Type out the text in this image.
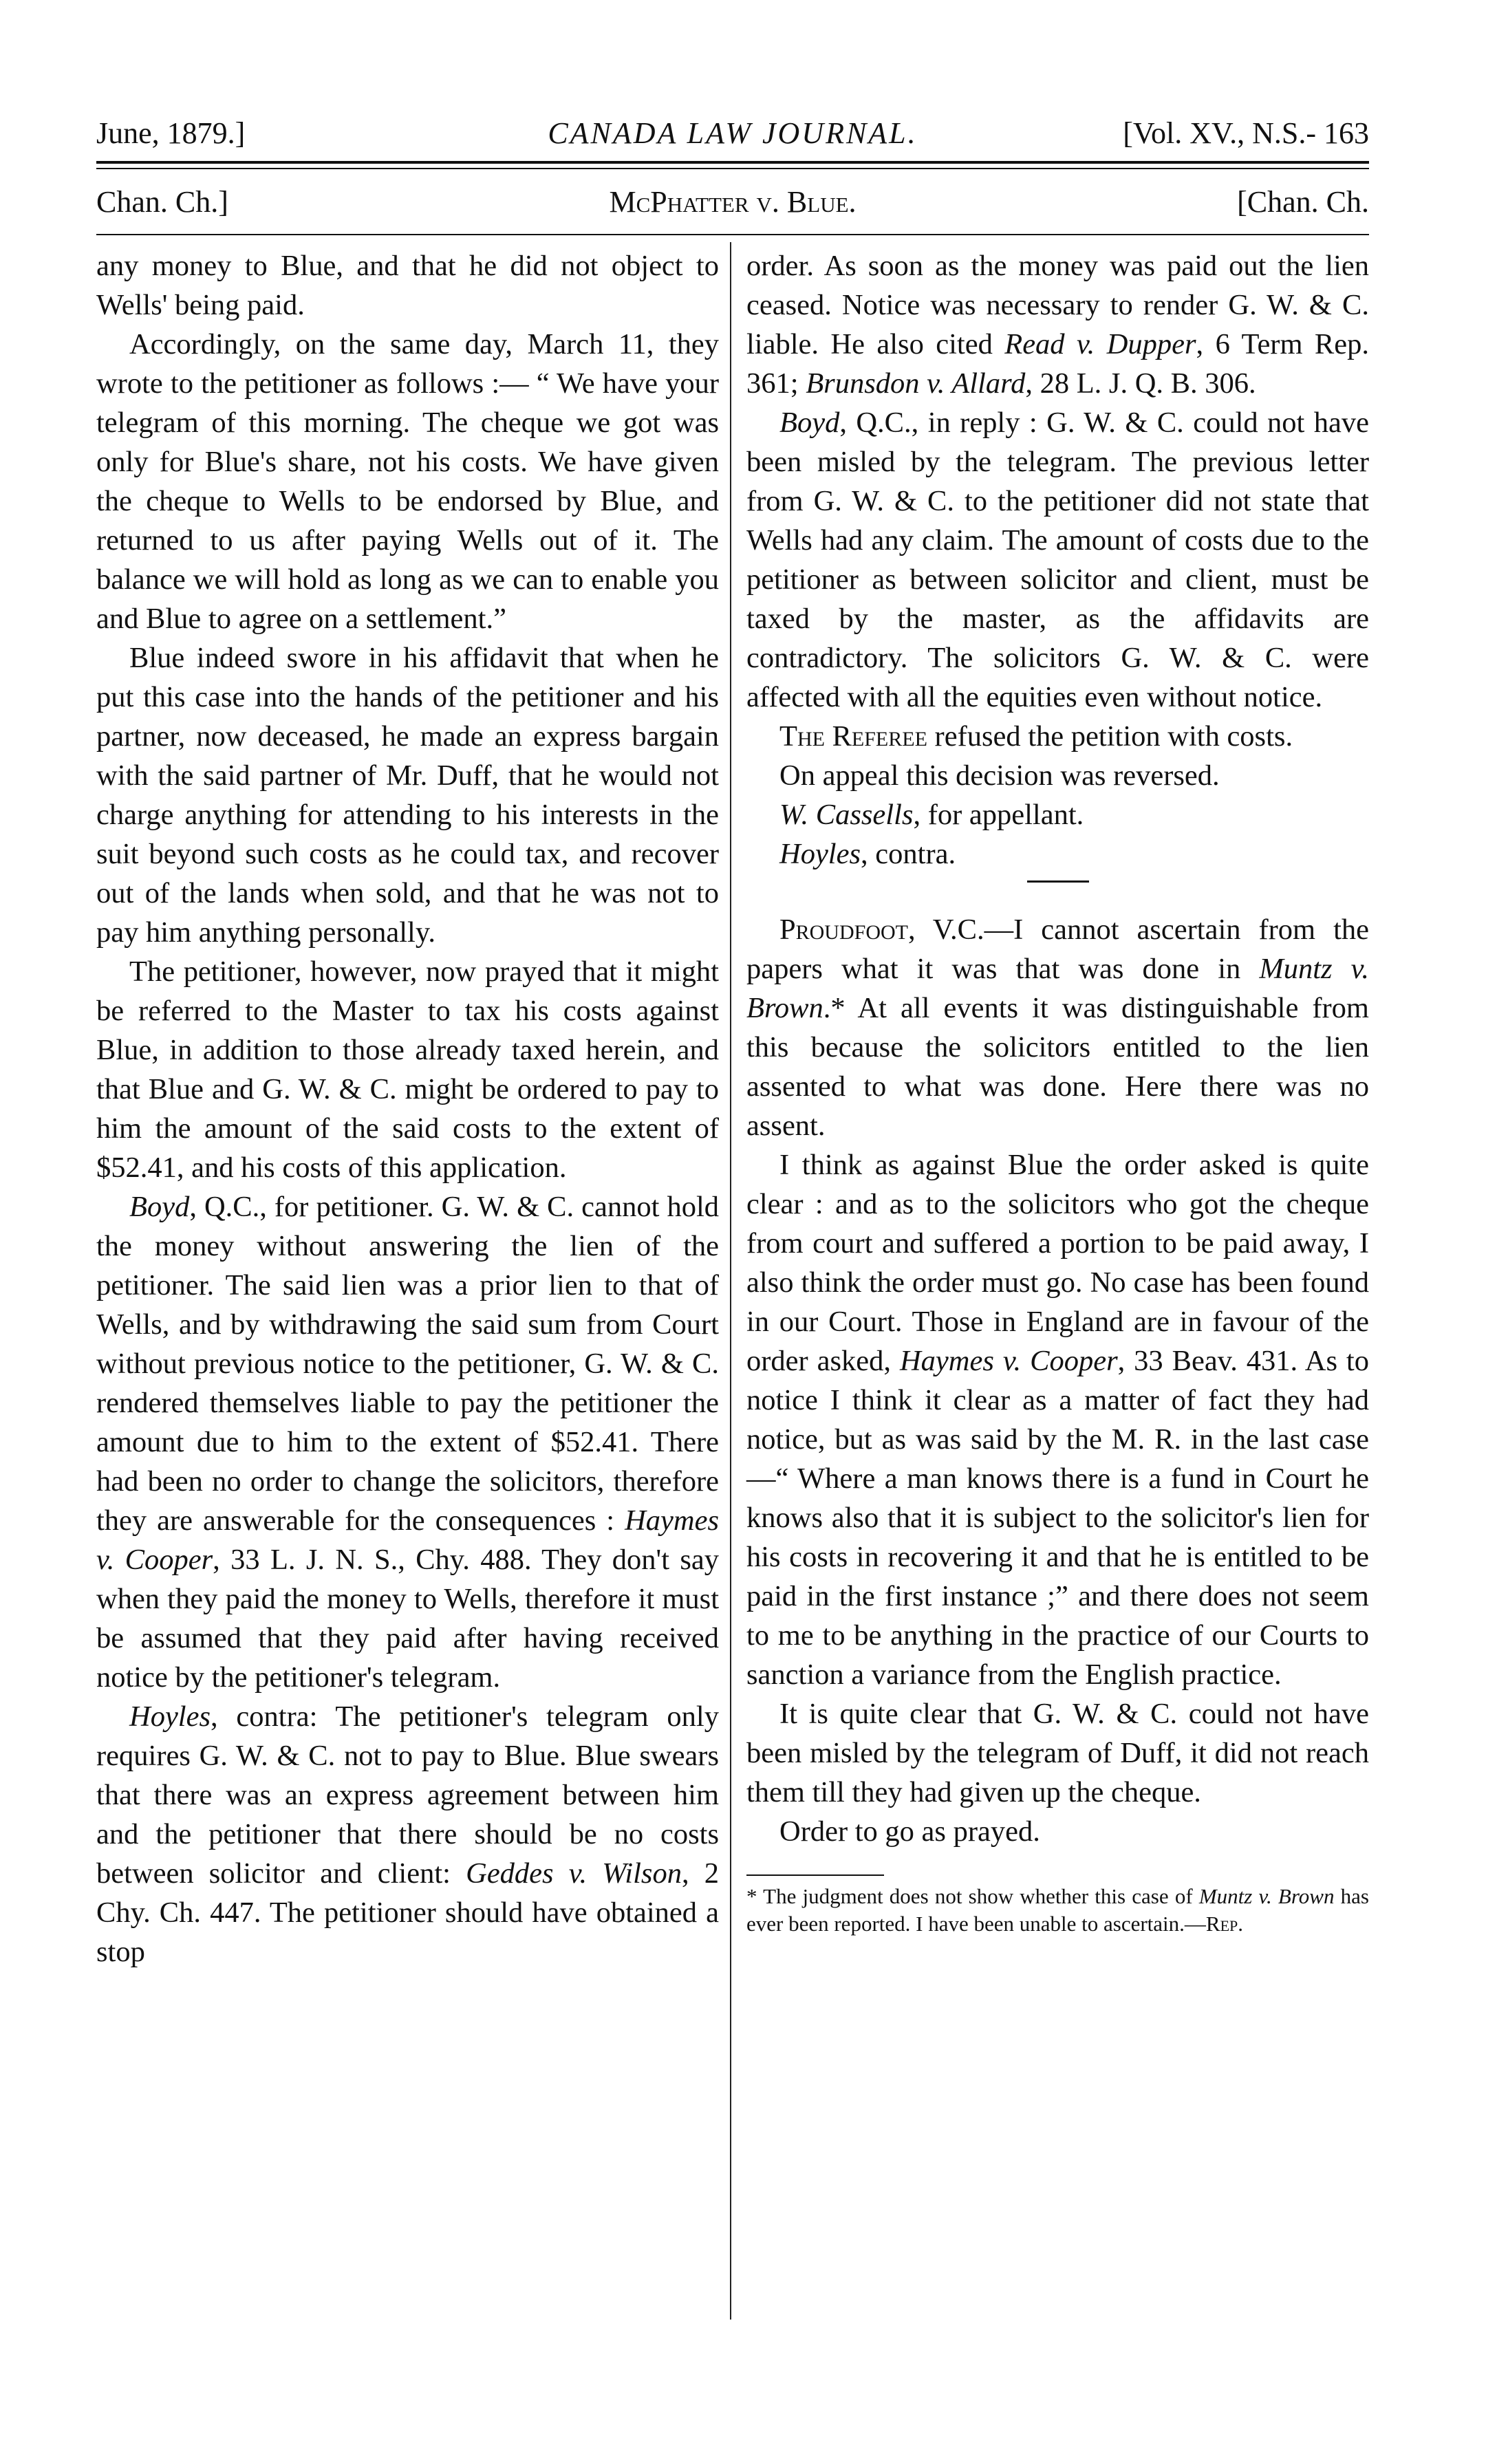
June, 1879.]	CANADA LAW JOURNAL.	[Vol. XV., N.S.- 163
Chan. Ch.]	McPhatter v. Blue.	[Chan. Ch.

any money to Blue, and that he did not object to Wells' being paid.

Accordingly, on the same day, March 11, they wrote to the petitioner as follows :— “ We have your telegram of this morning. The cheque we got was only for Blue's share, not his costs. We have given the cheque to Wells to be endorsed by Blue, and returned to us after paying Wells out of it. The balance we will hold as long as we can to enable you and Blue to agree on a settlement.”

Blue indeed swore in his affidavit that when he put this case into the hands of the petitioner and his partner, now deceased, he made an express bargain with the said partner of Mr. Duff, that he would not charge anything for attending to his interests in the suit beyond such costs as he could tax, and recover out of the lands when sold, and that he was not to pay him anything personally.

The petitioner, however, now prayed that it might be referred to the Master to tax his costs against Blue, in addition to those already taxed herein, and that Blue and G. W. & C. might be ordered to pay to him the amount of the said costs to the extent of $52.41, and his costs of this application.

Boyd, Q.C., for petitioner. G. W. & C. cannot hold the money without answering the lien of the petitioner. The said lien was a prior lien to that of Wells, and by withdrawing the said sum from Court without previous notice to the petitioner, G. W. & C. rendered themselves liable to pay the petitioner the amount due to him to the extent of $52.41. There had been no order to change the solicitors, therefore they are answerable for the consequences : Haymes v. Cooper, 33 L. J. N. S., Chy. 488. They don't say when they paid the money to Wells, therefore it must be assumed that they paid after having received notice by the petitioner's telegram.

Hoyles, contra: The petitioner's telegram only requires G. W. & C. not to pay to Blue. Blue swears that there was an express agreement between him and the petitioner that there should be no costs between solicitor and client: Geddes v. Wilson, 2 Chy. Ch. 447. The petitioner should have obtained a stop

order. As soon as the money was paid out the lien ceased. Notice was necessary to render G. W. & C. liable. He also cited Read v. Dupper, 6 Term Rep. 361; Brunsdon v. Allard, 28 L. J. Q. B. 306.

Boyd, Q.C., in reply : G. W. & C. could not have been misled by the telegram. The previous letter from G. W. & C. to the petitioner did not state that Wells had any claim. The amount of costs due to the petitioner as between solicitor and client, must be taxed by the master, as the affidavits are contradictory. The solicitors G. W. & C. were affected with all the equities even without notice.

The Referee refused the petition with costs.

On appeal this decision was reversed.

W. Cassells, for appellant.

Hoyles, contra.

Proudfoot, V.C.—I cannot ascertain from the papers what it was that was done in Muntz v. Brown.* At all events it was distinguishable from this because the solicitors entitled to the lien assented to what was done. Here there was no assent.

I think as against Blue the order asked is quite clear : and as to the solicitors who got the cheque from court and suffered a portion to be paid away, I also think the order must go. No case has been found in our Court. Those in England are in favour of the order asked, Haymes v. Cooper, 33 Beav. 431. As to notice I think it clear as a matter of fact they had notice, but as was said by the M. R. in the last case—“ Where a man knows there is a fund in Court he knows also that it is subject to the solicitor's lien for his costs in recovering it and that he is entitled to be paid in the first instance ;” and there does not seem to me to be anything in the practice of our Courts to sanction a variance from the English practice.

It is quite clear that G. W. & C. could not have been misled by the telegram of Duff, it did not reach them till they had given up the cheque.

Order to go as prayed.

* The judgment does not show whether this case of Muntz v. Brown has ever been reported. I have been unable to ascertain.—Rep.
